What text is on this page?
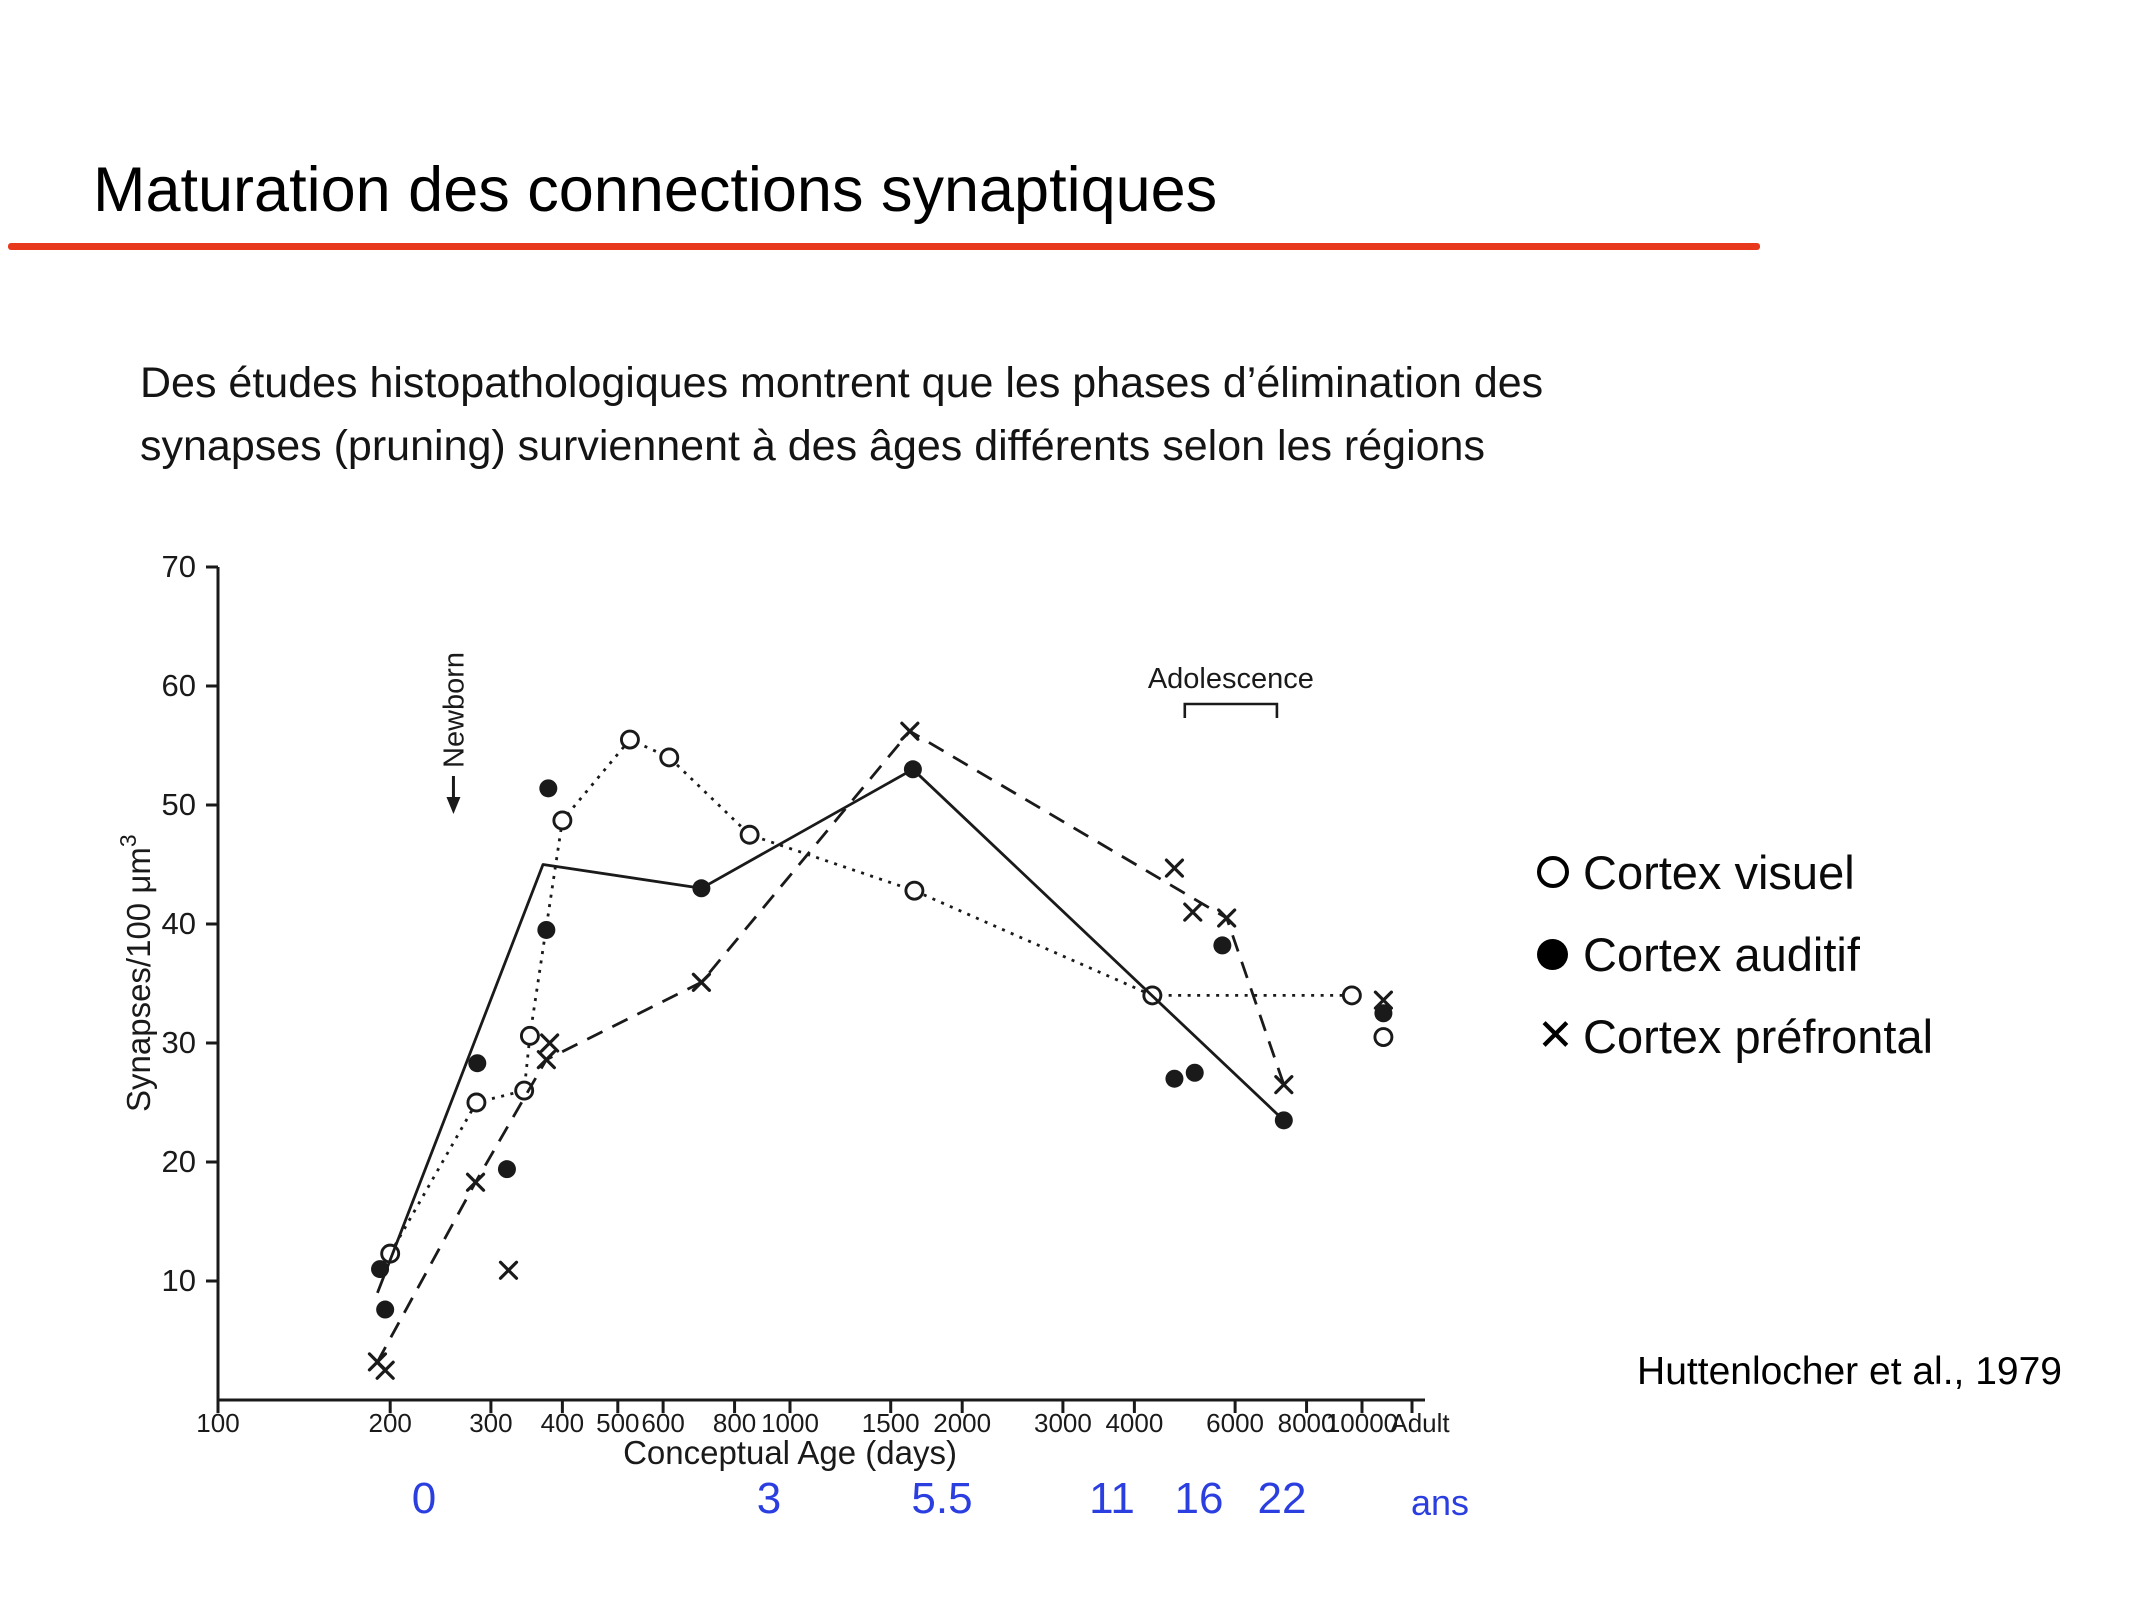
Maturation des connections synaptiques
Des études histopathologiques montrent que les phases d’élimination des
synapses (pruning) surviennent à des âges différents selon les régions
10
20
30
40
50
60
70
100	200 300 400 500 600 800 1000 1500 2000 3000 4000 6000 8000
10000
Adult
Conceptual Age (days)
Synapses/100 $\mu m^3$
Newborn	Adolescence
Cortex visuel
Cortex auditif
✕ Cortex préfrontal
Huttenlocher et al., 1979
0	3	5.5	11 16 22	ans
